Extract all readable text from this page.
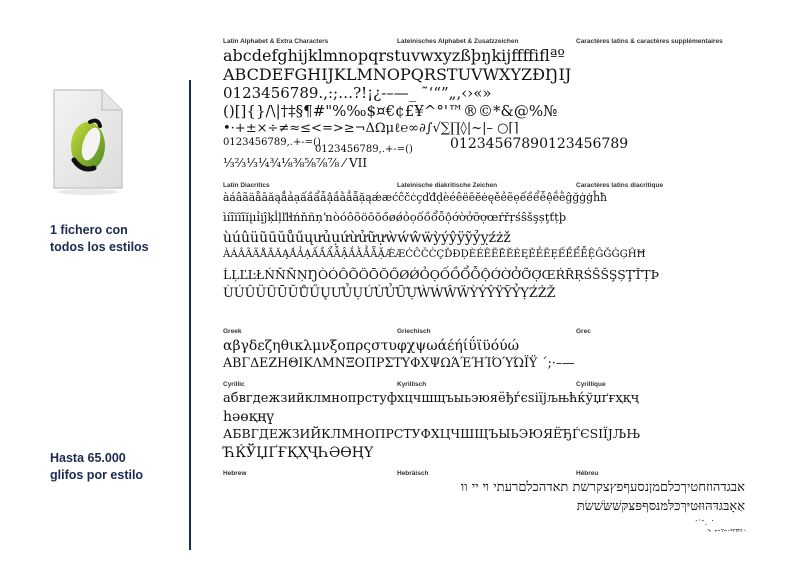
1 fichero con
todos los estilos
Hasta 65.000
glifos por estilo
Latin Alphabet & Extra Characters	Lateinisches Alphabet & Zusatzzeichen	Caractères latins & caractères supplémentaires
abcdefghijklmnopqrstuvwxyzßþŋkijffffiflªº
ABCDEFGHIJKLMNOPQRSTUVWXYZÐŊIJ
0123456789.,:;…?!¡¿-–—_ ˜‘“”„‚‹›«»
()[]{}/\|†‡§¶#"%‰$¤€¢£¥^°'™®©*&@%№
•·+±×÷≠≈≤<=>≥¬ΔΩμℓ℮∞∂∫√∑∏◊|~|– ○⌈⌉
0123456789,.+-=()
0123456789,.+-=()	01234567890123456789
⅓⅔⅓¼¾⅛⅜⅝⅞⅞ ⁄ VII
Latin Diacritics	Lateinische diakritische Zeichen	Caractères latins diacritique
àáâãäåāăąǻảạấầẩẫậắằẳẵặąǽæćĉčċçďđḍèéêëēĕėęěẻẽẹếềểễệḗḕĝğġģĥħ
ìíîïĩīĭįıỉịĵķĺļľŀłńňñņŉòóôõöōŏőøǿỏọốồổỗộớờởỡợœŕřŗśŝšşșţťțþ
ùúûüũūŭůűųưủụứừửữựẁẃŵẅỳýŷÿỹỷỵźżž
ÀÁÂÃÄÅĀĂĄǺẢẠẤẦẨẪẬẮẰẲẴẶǼÆĆĈČĊÇĎĐḌÈÉÊËĒĔĖĘĚẺẼẸẾỀỂỄỆĜĞĠĢĤĦ
ĹĻĽĿŁŃŇÑŅŊÒÓÔÕÖŌŎŐØǾỎỌỐỒỔỖỘỚỜỞỠỢŒŔŘŖŚŜŠŞȘŢŤȚÞ
ÙÚÛÜŨŪŬŮŰŲƯỦỤỨỪỬỮỰẀẂŴẄỲÝŶŸỸỶỴŹŻŽ
Greek	Griechisch	Grec
αβγδεζηθικλμνξοπρςστυφχψωάέήίΰϊϋόύώ
ΑΒΓΔΕΖΗΘΙΚΛΜΝΞΟΠΡΣΤΥΦΧΨΩΆΈΉΊΌΎΏΪΫ ΄;·–—
Cyrillic	Kyrillisch	Cyrillique
абвгдежзийклмнопрстуфхцчшщъыьэюяёђѓєѕіїјљњћќўџґғҳқҷ
һәөқңү
АБВГДЕЖЗИЙКЛМНОПРСТУФХЦЧШЩЪЫЬЭЮЯЁЂЃЄЅІЇЈЉЊ
ЋЌЎЏҐҒҚҲҶҺӘӨҢҮ
Hebrew	Hebräisch	Hébreu
אבגדהוזחטיךכלםמןנסעףפץצקרשת תאדהכלםרעתי ױ יי וו
אַאָבּגּדּהּוּזּטּיּךּכּלּמּנּסּףּפּצּקּשּׁשּׂשׁשׂתּ
ֽ ְ ֱ ֲ ֳ ִ ֵ ֶ ַ ָ ֹ ֻ ּ ֿ ׁ ׂ
